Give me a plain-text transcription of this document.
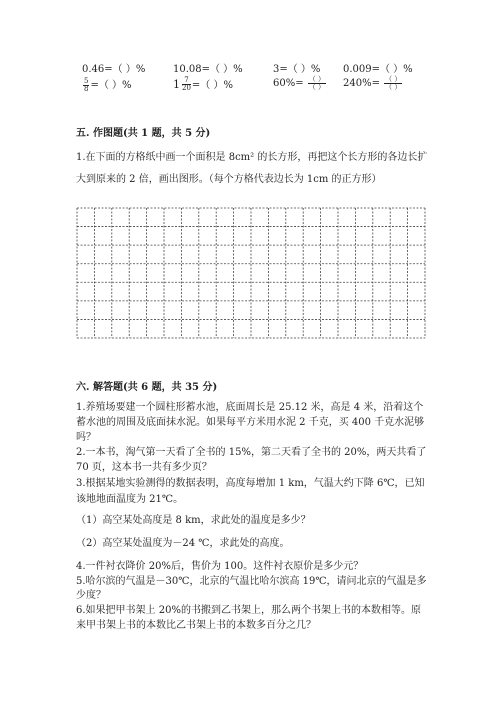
0.46=（ ）%	10.08=（ ）%	3=（ ）% 0.009=（ ）%
$\frac{5}{8}$ =（ ）%	$1 \frac{7}{20}$ =（ ）%	$60\%= \frac{( )}{( )} 240\%= \frac{( )}{( )}$
五. 作图题(共 1 题，共 5 分)
1.在下面的方格纸中画一个面积是 8cm² 的长方形，再把这个长方形的各边长扩
大到原来的 2 倍，画出图形。（每个方格代表边长为 1cm 的正方形）
六. 解答题(共 6 题，共 35 分)
1.养殖场要建一个圆柱形蓄水池，底面周长是 25.12 米，高是 4 米，沿着这个
蓄水池的周围及底面抹水泥。如果每平方米用水泥 2 千克，买 400 千克水泥够
吗？
2.一本书，淘气第一天看了全书的 15%，第二天看了全书的 20%，两天共看了
70 页，这本书一共有多少页？
3.根据某地实验测得的数据表明，高度每增加 1 km，气温大约下降 6℃，已知
该地地面温度为 21℃。
（1）高空某处高度是 8 km，求此处的温度是多少？
（2）高空某处温度为－24 ℃，求此处的高度。
4.一件衬衣降价 20%后，售价为 100。这件衬衣原价是多少元？
5.哈尔滨的气温是－30℃，北京的气温比哈尔滨高 19℃，请问北京的气温是多
少度？
6.如果把甲书架上 20%的书搬到乙书架上，那么两个书架上书的本数相等。原
来甲书架上书的本数比乙书架上书的本数多百分之几？
